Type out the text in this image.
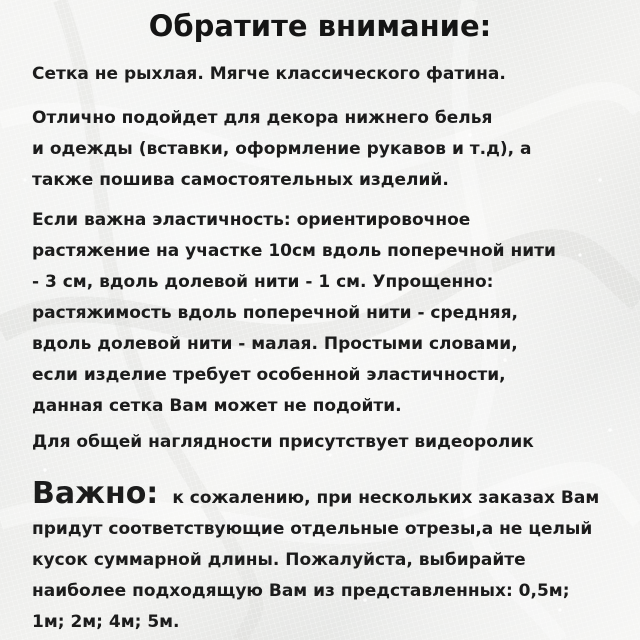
Обратите внимание:
Сетка не рыхлая. Мягче классического фатина.
Отлично подойдет для декора нижнего белья
и одежды (вставки, оформление рукавов и т.д), а
также пошива самостоятельных изделий.
Если важна эластичность: ориентировочное
растяжение на участке 10см вдоль поперечной нити
- 3 см, вдоль долевой нити - 1 см. Упрощенно:
растяжимость вдоль поперечной нити - средняя,
вдоль долевой нити - малая. Простыми словами,
если изделие требует особенной эластичности,
данная сетка Вам может не подойти.
Для общей наглядности присутствует видеоролик
Важно: к сожалению, при нескольких заказах Вам
придут соответствующие отдельные отрезы,а не целый
кусок суммарной длины. Пожалуйста, выбирайте
наиболее подходящую Вам из представленных: 0,5м;
1м; 2м; 4м; 5м.
